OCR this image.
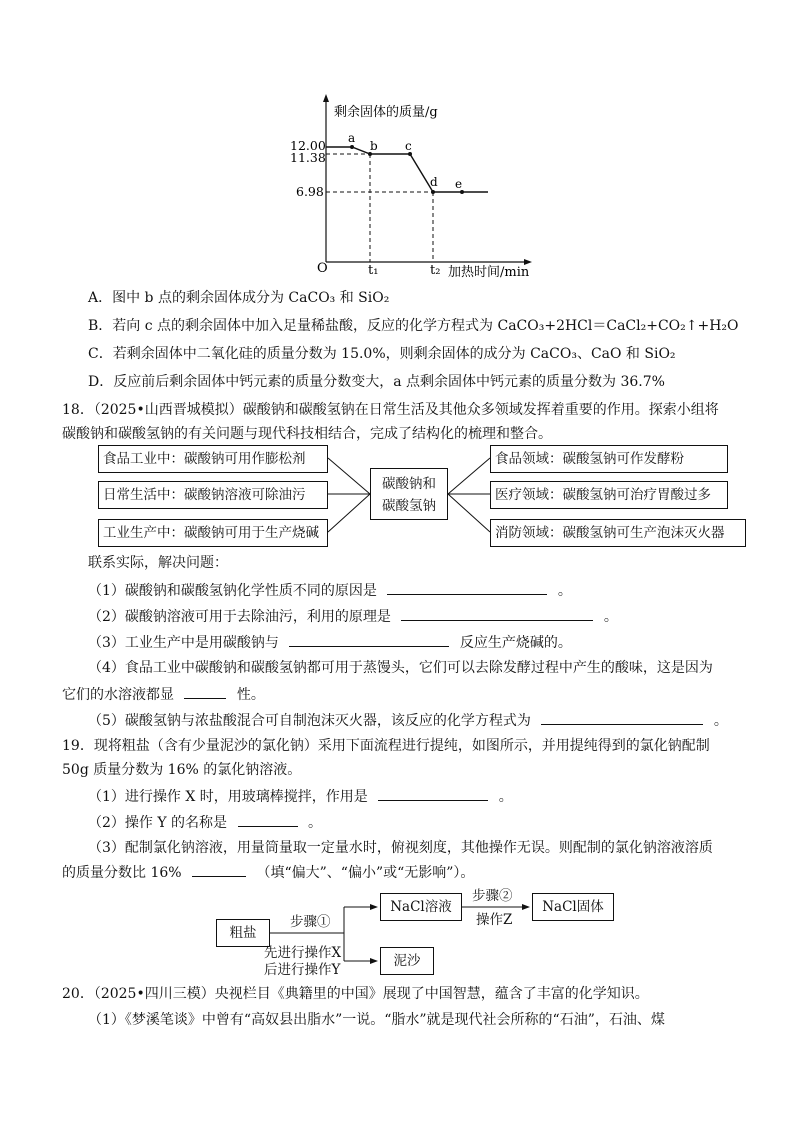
剩余固体的质量/g
加热时间/min
O
12.00
11.38
6.98
t₁	t₂
a
b c
d e
A．图中 b 点的剩余固体成分为 CaCO₃ 和 SiO₂
B．若向 c 点的剩余固体中加入足量稀盐酸，反应的化学方程式为 CaCO₃+2HCl＝CaCl₂+CO₂↑+H₂O
C．若剩余固体中二氧化硅的质量分数为 15.0%，则剩余固体的成分为 CaCO₃、CaO 和 SiO₂
D．反应前后剩余固体中钙元素的质量分数变大，a 点剩余固体中钙元素的质量分数为 36.7%
18．（2025•山西晋城模拟）碳酸钠和碳酸氢钠在日常生活及其他众多领域发挥着重要的作用。探索小组将
碳酸钠和碳酸氢钠的有关问题与现代科技相结合，完成了结构化的梳理和整合。
食品工业中：碳酸钠可用作膨松剂
日常生活中：碳酸钠溶液可除油污
工业生产中：碳酸钠可用于生产烧碱
碳酸钠和
碳酸氢钠
食品领域：碳酸氢钠可作发酵粉
医疗领域：碳酸氢钠可治疗胃酸过多
消防领域：碳酸氢钠可生产泡沫灭火器
联系实际，解决问题：
（1）碳酸钠和碳酸氢钠化学性质不同的原因是	。
（2）碳酸钠溶液可用于去除油污，利用的原理是	。
（3）工业生产中是用碳酸钠与	反应生产烧碱的。
（4）食品工业中碳酸钠和碳酸氢钠都可用于蒸馒头，它们可以去除发酵过程中产生的酸味，这是因为
它们的水溶液都显	性。
（5）碳酸氢钠与浓盐酸混合可自制泡沫灭火器，该反应的化学方程式为	。
19．现将粗盐（含有少量泥沙的氯化钠）采用下面流程进行提纯，如图所示，并用提纯得到的氯化钠配制
50g 质量分数为 16% 的氯化钠溶液。
（1）进行操作 X 时，用玻璃棒搅拌，作用是	。
（2）操作 Y 的名称是	。
（3）配制氯化钠溶液，用量筒量取一定量水时，俯视刻度，其他操作无误。则配制的氯化钠溶液溶质
的质量分数比 16%	（填“偏大”、“偏小”或“无影响”）。
粗盐
步骤①
NaCl溶液
步骤②
操作Z
NaCl固体
泥沙
先进行操作X
后进行操作Y
20．（2025•四川三模）央视栏目《典籍里的中国》展现了中国智慧，蕴含了丰富的化学知识。
（1）《梦溪笔谈》中曾有“高奴县出脂水”一说。“脂水”就是现代社会所称的“石油”，石油、煤
